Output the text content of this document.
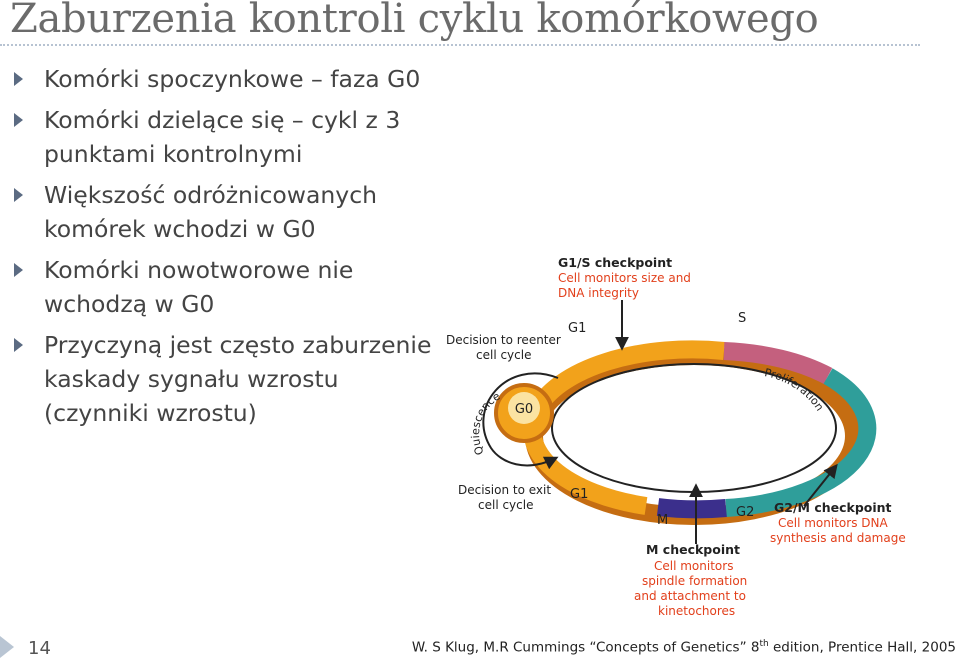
Zaburzenia kontroli cyklu komórkowego
Komórki spoczynkowe – faza G0
Komórki dzielące się – cykl z 3 punktami kontrolnymi
Większość odróżnicowanych komórek wchodzi w G0
Komórki nowotworowe nie wchodzą w G0
Przyczyną jest często zaburzenie kaskady sygnału wzrostu (czynniki wzrostu)	G0
G1/S checkpoint
Cell monitors size and
DNA integrity
G1
S
G1
M
G2
Decision to reenter
cell cycle
Decision to exit
cell cycle
Quiescence
Proliferation
G2/M checkpoint
Cell monitors DNA
synthesis and damage
M checkpoint
Cell monitors
spindle formation
and attachment to
kinetochores
14	W. S Klug, M.R Cummings “Concepts of Genetics” 8th edition, Prentice Hall, 2005
